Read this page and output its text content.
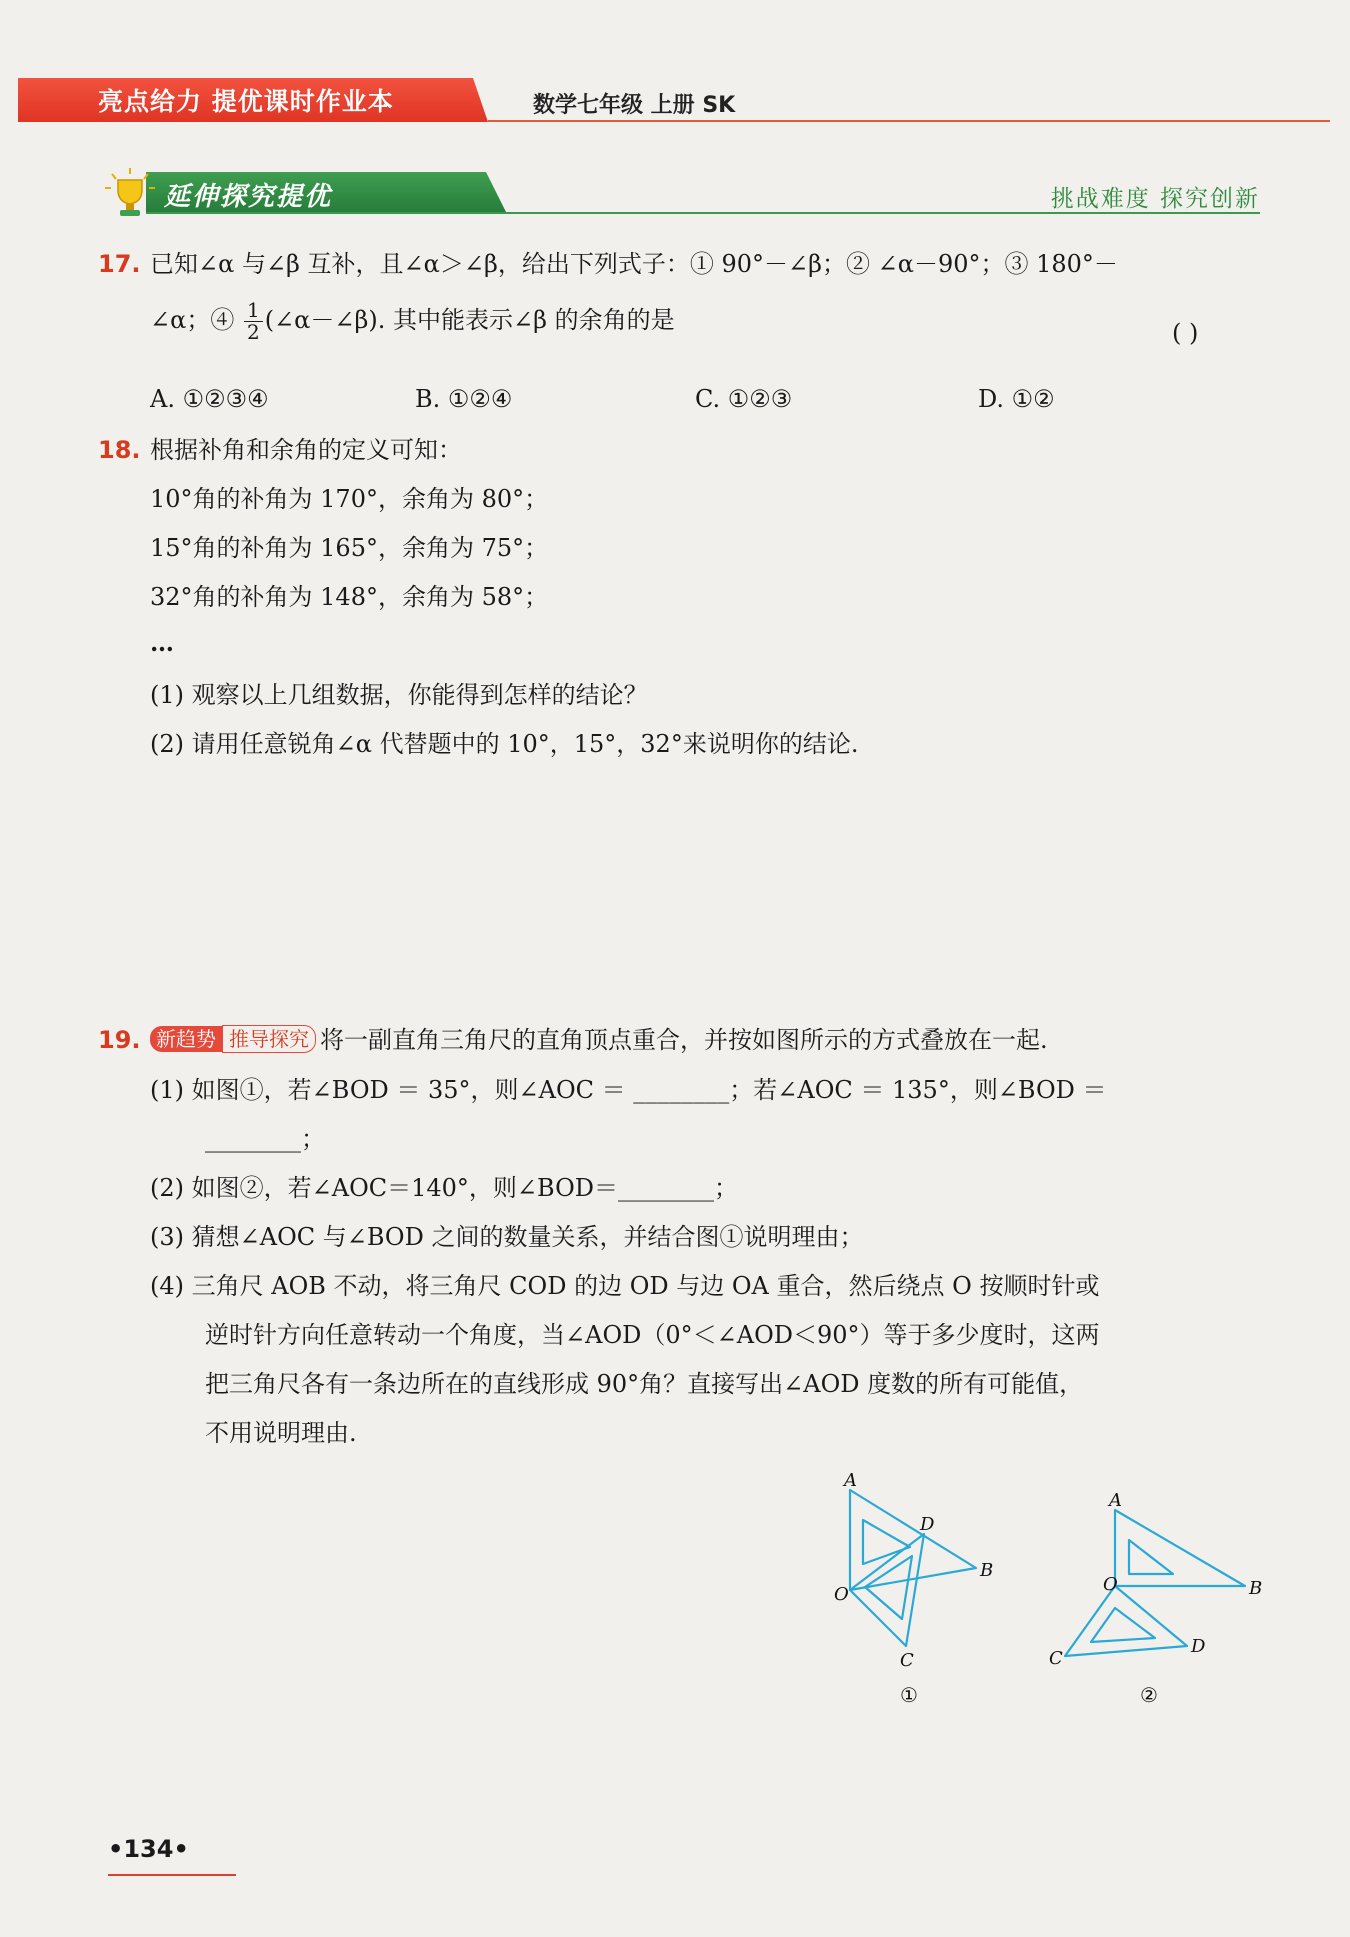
亮点给力 提优课时作业本	数学七年级 上册 SK
延伸探究提优	挑战难度 探究创新
17. 已知∠α 与∠β 互补，且∠α＞∠β，给出下列式子：① 90°－∠β；② ∠α－90°；③ 180°－
∠α；④ $\frac{1}{2}$ (∠α－∠β). 其中能表示∠β 的余角的是	( )
A. ①②③④	B. ①②④	C. ①②③	D. ①②
18. 根据补角和余角的定义可知：
10°角的补角为 170°，余角为 80°；
15°角的补角为 165°，余角为 75°；
32°角的补角为 148°，余角为 58°；
…
(1) 观察以上几组数据，你能得到怎样的结论？
(2) 请用任意锐角∠α 代替题中的 10°，15°，32°来说明你的结论.
19. 新趋势 推导探究 将一副直角三角尺的直角顶点重合，并按如图所示的方式叠放在一起.
(1) 如图①，若∠BOD ＝ 35°，则∠AOC ＝ ________；若∠AOC ＝ 135°，则∠BOD ＝
________；
(2) 如图②，若∠AOC＝140°，则∠BOD＝________；
(3) 猜想∠AOC 与∠BOD 之间的数量关系，并结合图①说明理由；
(4) 三角尺 AOB 不动，将三角尺 COD 的边 OD 与边 OA 重合，然后绕点 O 按顺时针或
逆时针方向任意转动一个角度，当∠AOD（0°＜∠AOD＜90°）等于多少度时，这两
把三角尺各有一条边所在的直线形成 90°角？直接写出∠AOD 度数的所有可能值，
不用说明理由.
A
D
O
B
C
①
A
O	B
C
D
②
•134•
